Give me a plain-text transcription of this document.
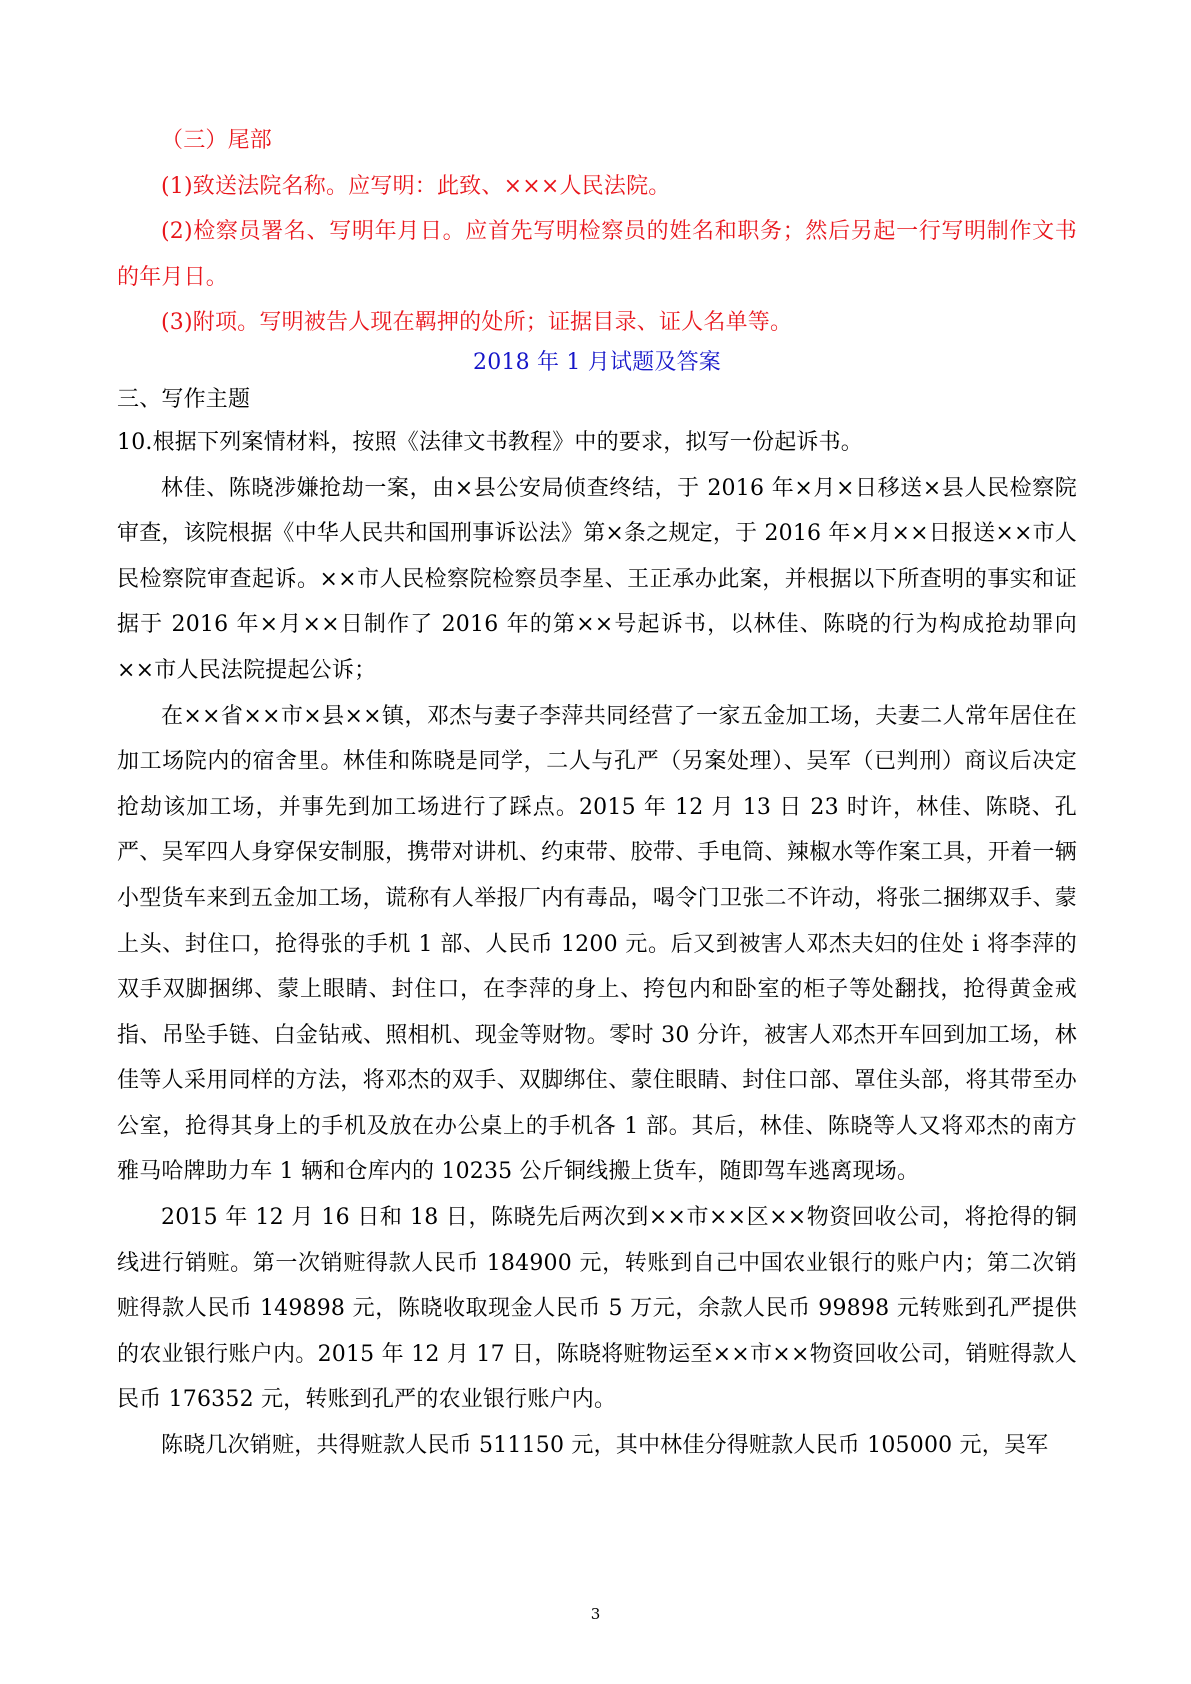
（三）尾部

(1)致送法院名称。应写明：此致、×××人民法院。

(2)检察员署名、写明年月日。应首先写明检察员的姓名和职务；然后另起一行写明制作文书的年月日。

(3)附项。写明被告人现在羁押的处所；证据目录、证人名单等。

2018 年 1 月试题及答案

三、写作主题

10.根据下列案情材料，按照《法律文书教程》中的要求，拟写一份起诉书。

林佳、陈晓涉嫌抢劫一案，由×县公安局侦查终结，于 2016 年×月×日移送×县人民检察院审查，该院根据《中华人民共和国刑事诉讼法》第×条之规定，于 2016 年×月××日报送××市人民检察院审查起诉。××市人民检察院检察员李星、王正承办此案，并根据以下所查明的事实和证据于 2016 年×月××日制作了 2016 年的第××号起诉书，以林佳、陈晓的行为构成抢劫罪向××市人民法院提起公诉；

在××省××市×县××镇，邓杰与妻子李萍共同经营了一家五金加工场，夫妻二人常年居住在加工场院内的宿舍里。林佳和陈晓是同学，二人与孔严（另案处理）、吴军（已判刑）商议后决定抢劫该加工场，并事先到加工场进行了踩点。2015 年 12 月 13 日 23 时许，林佳、陈晓、孔严、吴军四人身穿保安制服，携带对讲机、约束带、胶带、手电筒、辣椒水等作案工具，开着一辆小型货车来到五金加工场，谎称有人举报厂内有毒品，喝令门卫张二不许动，将张二捆绑双手、蒙上头、封住口，抢得张的手机 1 部、人民币 1200 元。后又到被害人邓杰夫妇的住处 i 将李萍的双手双脚捆绑、蒙上眼睛、封住口，在李萍的身上、挎包内和卧室的柜子等处翻找，抢得黄金戒指、吊坠手链、白金钻戒、照相机、现金等财物。零时 30 分许，被害人邓杰开车回到加工场，林佳等人采用同样的方法，将邓杰的双手、双脚绑住、蒙住眼睛、封住口部、罩住头部，将其带至办公室，抢得其身上的手机及放在办公桌上的手机各 1 部。其后，林佳、陈晓等人又将邓杰的南方雅马哈牌助力车 1 辆和仓库内的 10235 公斤铜线搬上货车，随即驾车逃离现场。

2015 年 12 月 16 日和 18 日，陈晓先后两次到××市××区××物资回收公司，将抢得的铜线进行销赃。第一次销赃得款人民币 184900 元，转账到自己中国农业银行的账户内；第二次销赃得款人民币 149898 元，陈晓收取现金人民币 5 万元，余款人民币 99898 元转账到孔严提供的农业银行账户内。2015 年 12 月 17 日，陈晓将赃物运至××市××物资回收公司，销赃得款人民币 176352 元，转账到孔严的农业银行账户内。

陈晓几次销赃，共得赃款人民币 511150 元，其中林佳分得赃款人民币 105000 元，吴军

3
